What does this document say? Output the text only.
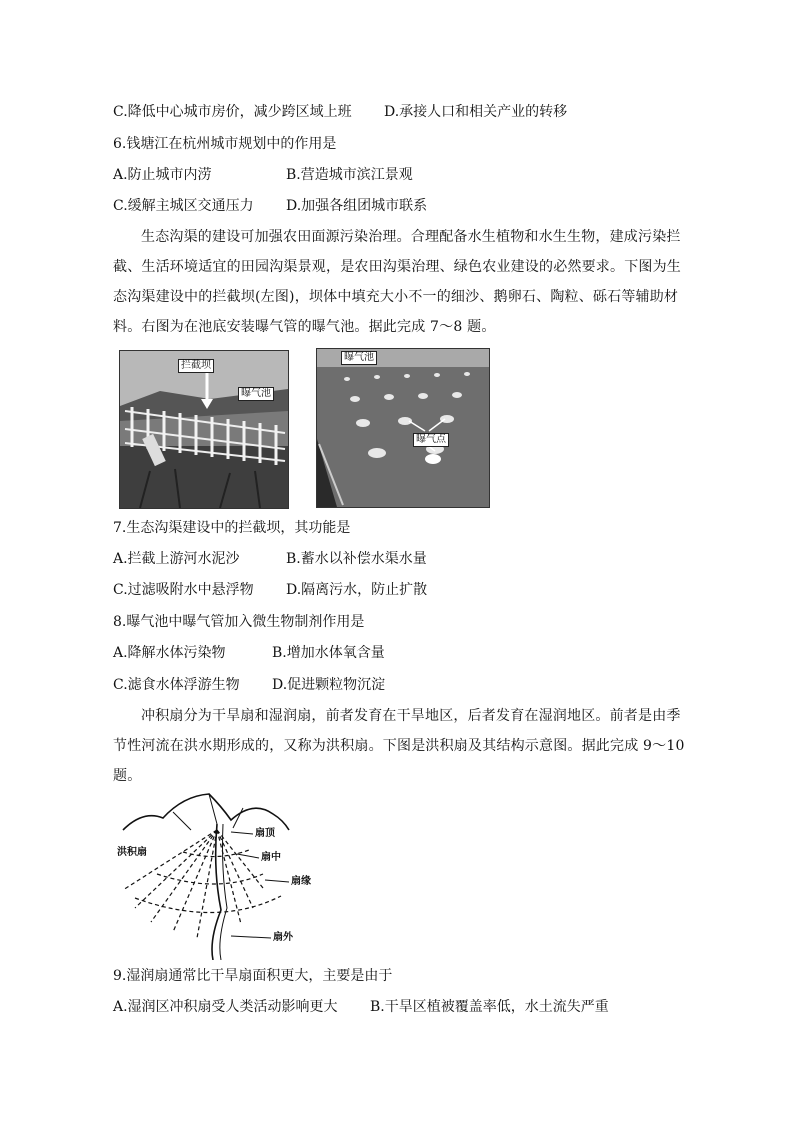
C.降低中心城市房价，减少跨区域上班 D.承接人口和相关产业的转移
6.钱塘江在杭州城市规划中的作用是
A.防止城市内涝	B.营造城市滨江景观
C.缓解主城区交通压力 D.加强各组团城市联系
生态沟渠的建设可加强农田面源污染治理。合理配备水生植物和水生生物，建成污染拦截、生活环境适宜的田园沟渠景观，是农田沟渠治理、绿色农业建设的必然要求。下图为生态沟渠建设中的拦截坝(左图)，坝体中填充大小不一的细沙、鹅卵石、陶粒、砾石等辅助材料。右图为在池底安装曝气管的曝气池。据此完成 7～8 题。
拦截坝
曝气池
曝气池
曝气点
7.生态沟渠建设中的拦截坝，其功能是
A.拦截上游河水泥沙	B.蓄水以补偿水渠水量
C.过滤吸附水中悬浮物 D.隔离污水，防止扩散
8.曝气池中曝气管加入微生物制剂作用是
A.降解水体污染物	B.增加水体氧含量
C.滤食水体浮游生物 D.促进颗粒物沉淀
冲积扇分为干旱扇和湿润扇，前者发育在干旱地区，后者发育在湿润地区。前者是由季节性河流在洪水期形成的，又称为洪积扇。下图是洪积扇及其结构示意图。据此完成 9～10 题。
洪积扇
扇顶
扇中
扇缘
扇外
9.湿润扇通常比干旱扇面积更大，主要是由于
A.湿润区冲积扇受人类活动影响更大 B.干旱区植被覆盖率低，水土流失严重
